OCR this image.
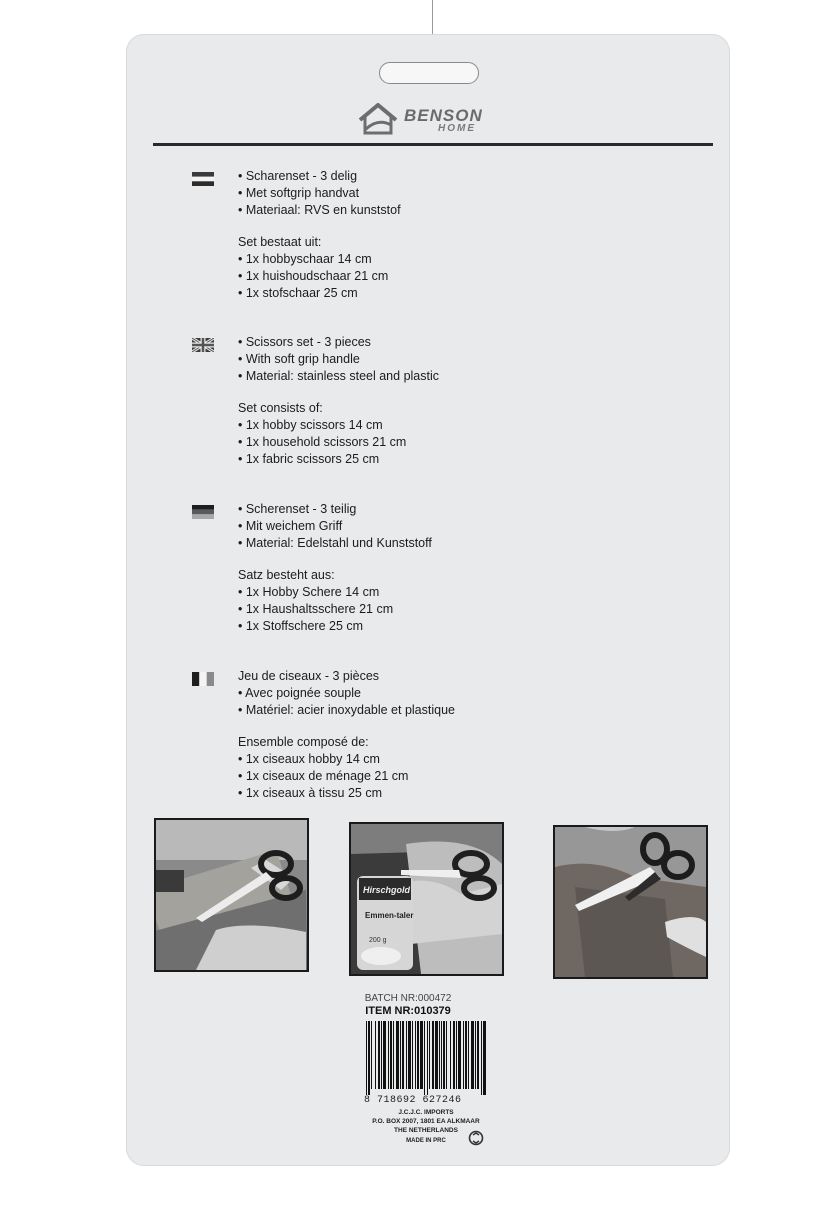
BENSON
HOME
• Scharenset - 3 delig
• Met softgrip handvat
• Materiaal: RVS en kunststof
Set bestaat uit:
• 1x hobbyschaar 14 cm
• 1x huishoudschaar 21 cm
• 1x stofschaar 25 cm
• Scissors set - 3 pieces
• With soft grip handle
• Material: stainless steel and plastic
Set consists of:
• 1x hobby scissors 14 cm
• 1x household scissors 21 cm
• 1x fabric scissors 25 cm
• Scherenset - 3 teilig
• Mit weichem Griff
• Material: Edelstahl und Kunststoff
Satz besteht aus:
• 1x Hobby Schere 14 cm
• 1x Haushaltsschere 21 cm
• 1x Stoffschere 25 cm
Jeu de ciseaux - 3 pièces
• Avec poignée souple
• Matériel: acier inoxydable et plastique
Ensemble composé de:
• 1x ciseaux hobby 14 cm
• 1x ciseaux de ménage 21 cm
• 1x ciseaux à tissu 25 cm
Hirschgold
Emmen-taler
200 g
BATCH NR:000472
ITEM NR:010379
8 718692 627246
J.C.J.C. IMPORTS
P.O. BOX 2007, 1801 EA ALKMAAR
THE NETHERLANDS
MADE IN PRC
